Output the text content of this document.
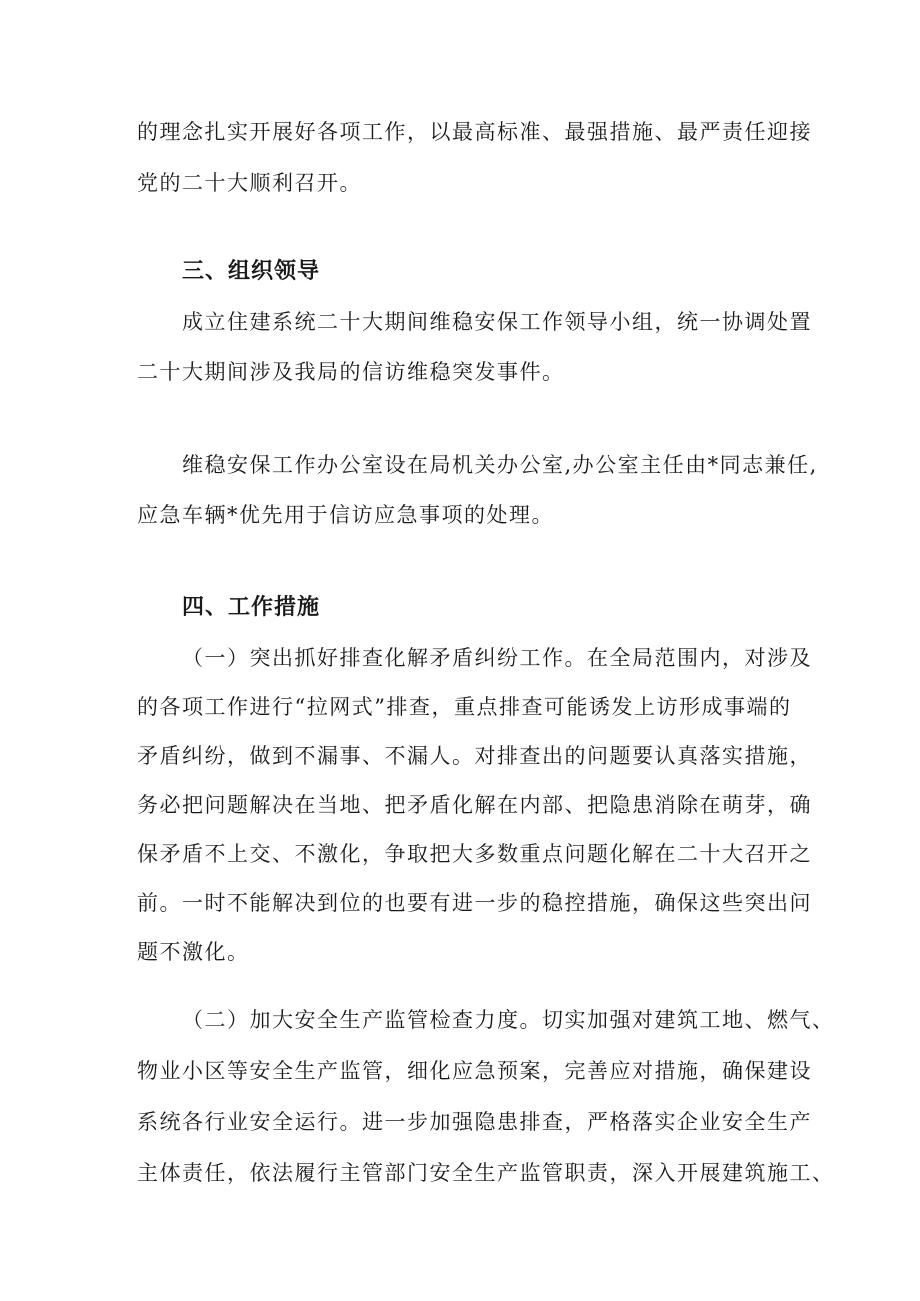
的理念扎实开展好各项工作，以最高标准、最强措施、最严责任迎接
党的二十大顺利召开。
三、组织领导
成立住建系统二十大期间维稳安保工作领导小组，统一协调处置
二十大期间涉及我局的信访维稳突发事件。
维稳安保工作办公室设在局机关办公室,办公室主任由*同志兼任,
应急车辆*优先用于信访应急事项的处理。
四、工作措施
（一）突出抓好排查化解矛盾纠纷工作。在全局范围内，对涉及
的各项工作进行“拉网式”排查，重点排查可能诱发上访形成事端的
矛盾纠纷，做到不漏事、不漏人。对排查出的问题要认真落实措施，
务必把问题解决在当地、把矛盾化解在内部、把隐患消除在萌芽，确
保矛盾不上交、不激化，争取把大多数重点问题化解在二十大召开之
前。一时不能解决到位的也要有进一步的稳控措施，确保这些突出问
题不激化。
（二）加大安全生产监管检查力度。切实加强对建筑工地、燃气、
物业小区等安全生产监管，细化应急预案，完善应对措施，确保建设
系统各行业安全运行。进一步加强隐患排查，严格落实企业安全生产
主体责任，依法履行主管部门安全生产监管职责，深入开展建筑施工、
